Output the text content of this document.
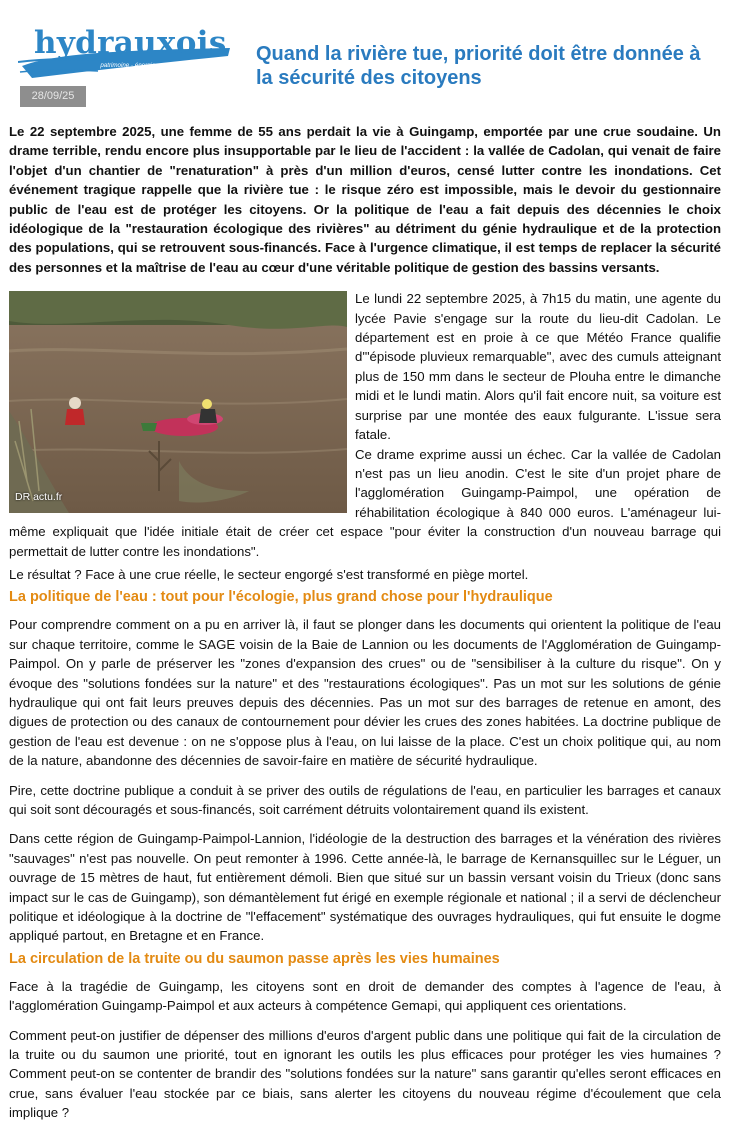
hydrauxois
patrimoine · énergie · environnement pour des rivières durables
Quand la rivière tue, priorité doit être donnée à la sécurité des citoyens
28/09/25

Le 22 septembre 2025, une femme de 55 ans perdait la vie à Guingamp, emportée par une crue soudaine. Un drame terrible, rendu encore plus insupportable par le lieu de l'accident : la vallée de Cadolan, qui venait de faire l'objet d'un chantier de "renaturation" à près d'un million d'euros, censé lutter contre les inondations. Cet événement tragique rappelle que la rivière tue : le risque zéro est impossible, mais le devoir du gestionnaire public de l'eau est de protéger les citoyens. Or la politique de l'eau a fait depuis des décennies le choix idéologique de la "restauration écologique des rivières" au détriment du génie hydraulique et de la protection des populations, qui se retrouvent sous-financés. Face à l'urgence climatique, il est temps de replacer la sécurité des personnes et la maîtrise de l'eau au cœur d'une véritable politique de gestion des bassins versants.

DR actu.fr

Le lundi 22 septembre 2025, à 7h15 du matin, une agente du lycée Pavie s'engage sur la route du lieu-dit Cadolan. Le département est en proie à ce que Météo France qualifie d'"épisode pluvieux remarquable", avec des cumuls atteignant plus de 150 mm dans le secteur de Plouha entre le dimanche midi et le lundi matin. Alors qu'il fait encore nuit, sa voiture est surprise par une montée des eaux fulgurante. L'issue sera fatale.

Ce drame exprime aussi un échec. Car la vallée de Cadolan n'est pas un lieu anodin. C'est le site d'un projet phare de l'agglomération Guingamp-Paimpol, une opération de réhabilitation écologique à 840 000 euros. L'aménageur lui-même expliquait que l'idée initiale était de créer cet espace "pour éviter la construction d'un nouveau barrage qui permettait de lutter contre les inondations".

Le résultat ? Face à une crue réelle, le secteur engorgé s'est transformé en piège mortel.

La politique de l'eau : tout pour l'écologie, plus grand chose pour l'hydraulique

Pour comprendre comment on a pu en arriver là, il faut se plonger dans les documents qui orientent la politique de l'eau sur chaque territoire, comme le SAGE voisin de la Baie de Lannion ou les documents de l'Agglomération de Guingamp-Paimpol. On y parle de préserver les "zones d'expansion des crues" ou de "sensibiliser à la culture du risque". On y évoque des "solutions fondées sur la nature" et des "restaurations écologiques". Pas un mot sur les solutions de génie hydraulique qui ont fait leurs preuves depuis des décennies. Pas un mot sur des barrages de retenue en amont, des digues de protection ou des canaux de contournement pour dévier les crues des zones habitées. La doctrine publique de gestion de l'eau est devenue : on ne s'oppose plus à l'eau, on lui laisse de la place. C'est un choix politique qui, au nom de la nature, abandonne des décennies de savoir-faire en matière de sécurité hydraulique.

Pire, cette doctrine publique a conduit à se priver des outils de régulations de l'eau, en particulier les barrages et canaux qui soit sont découragés et sous-financés, soit carrément détruits volontairement quand ils existent.

Dans cette région de Guingamp-Paimpol-Lannion, l'idéologie de la destruction des barrages et la vénération des rivières "sauvages" n'est pas nouvelle. On peut remonter à 1996. Cette année-là, le barrage de Kernansquillec sur le Léguer, un ouvrage de 15 mètres de haut, fut entièrement démoli. Bien que situé sur un bassin versant voisin du Trieux (donc sans impact sur le cas de Guingamp), son démantèlement fut érigé en exemple régionale et national ; il a servi de déclencheur politique et idéologique à la doctrine de "l'effacement" systématique des ouvrages hydrauliques, qui fut ensuite le dogme appliqué partout, en Bretagne et en France.

La circulation de la truite ou du saumon passe après les vies humaines

Face à la tragédie de Guingamp, les citoyens sont en droit de demander des comptes à l'agence de l'eau, à l'agglomération Guingamp-Paimpol et aux acteurs à compétence Gemapi, qui appliquent ces orientations.

Comment peut-on justifier de dépenser des millions d'euros d'argent public dans une politique qui fait de la circulation de la truite ou du saumon une priorité, tout en ignorant les outils les plus efficaces pour protéger les vies humaines ? Comment peut-on se contenter de brandir des "solutions fondées sur la nature" sans garantir qu'elles seront efficaces en crue, sans évaluer l'eau stockée par ce biais, sans alerter les citoyens du nouveau régime d'écoulement que cela implique ?
